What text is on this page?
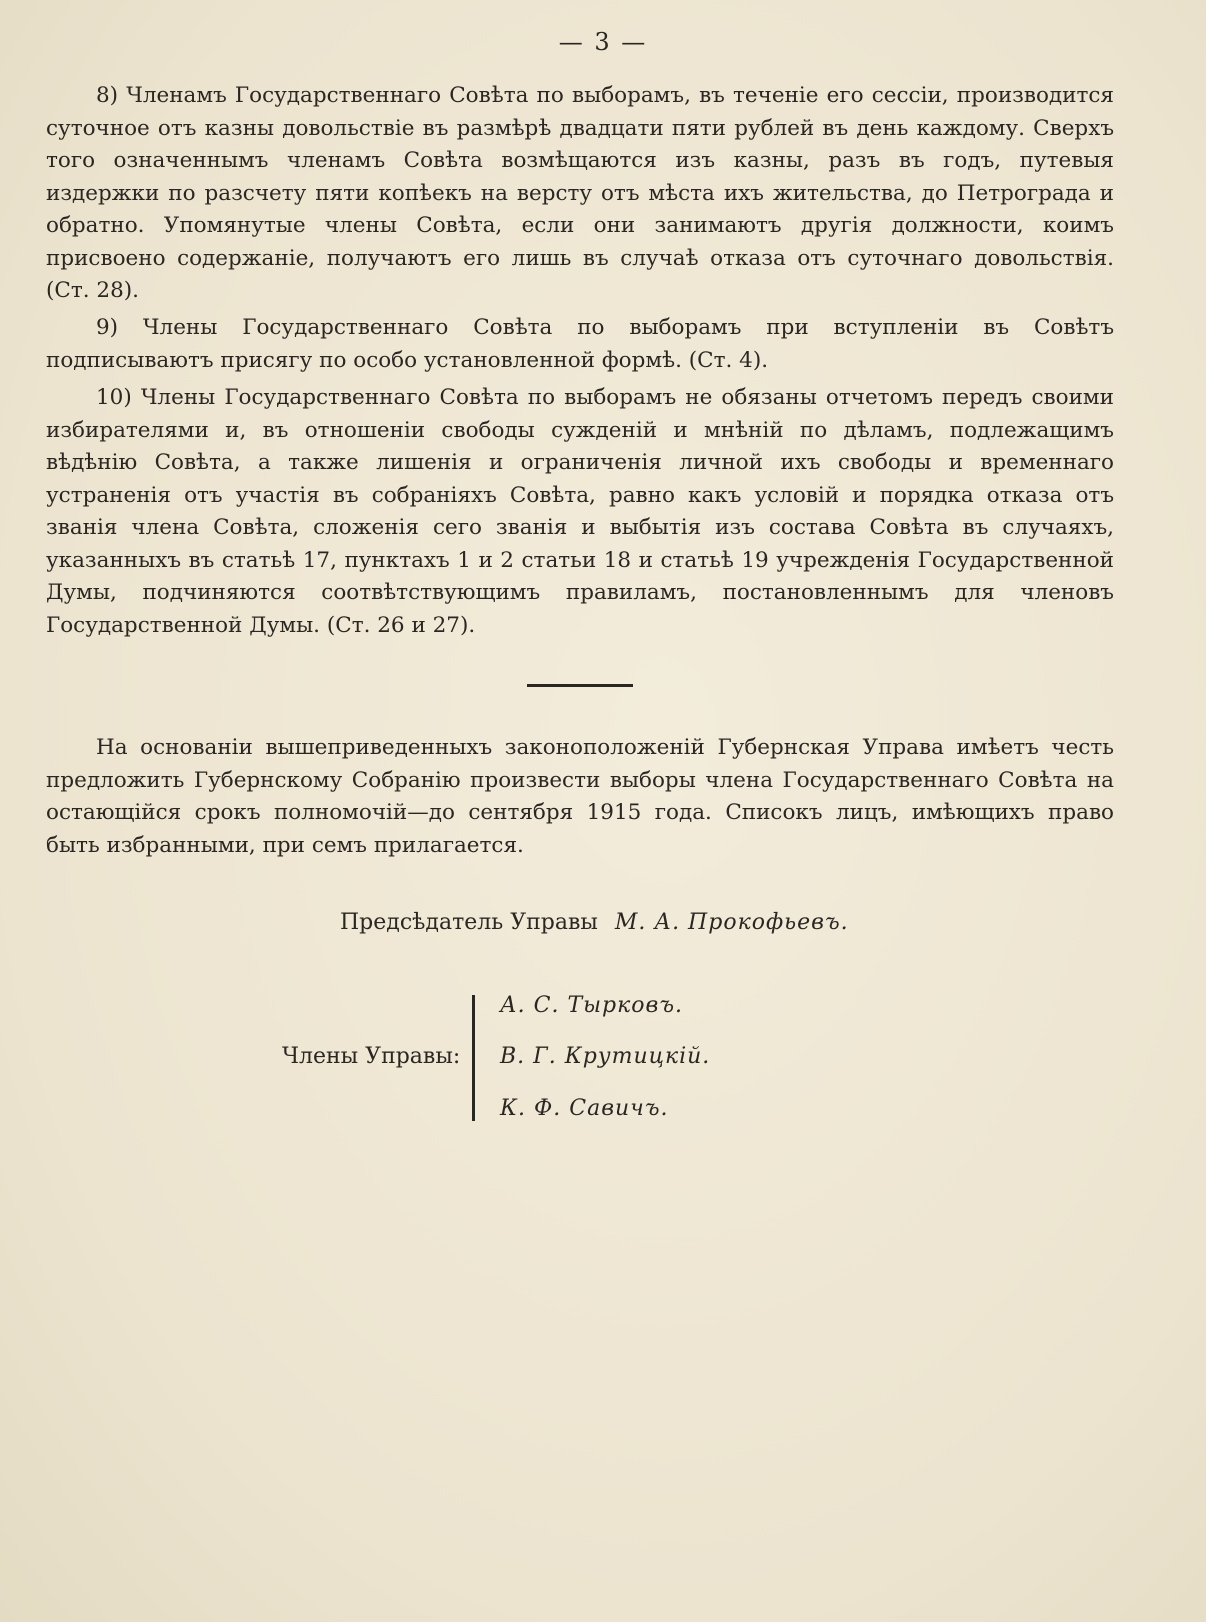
— 3 —

8) Членамъ Государственнаго Совѣта по выборамъ, въ теченіе его сессіи, производится суточное отъ казны довольствіе въ размѣрѣ двадцати пяти рублей въ день каждому. Сверхъ того означеннымъ членамъ Совѣта возмѣщаются изъ казны, разъ въ годъ, путевыя издержки по разсчету пяти копѣекъ на версту отъ мѣста ихъ жительства, до Петрограда и обратно. Упомянутые члены Совѣта, если они занимаютъ другія должности, коимъ присвоено содержаніе, получаютъ его лишь въ случаѣ отказа отъ суточнаго довольствія. (Ст. 28).

9) Члены Государственнаго Совѣта по выборамъ при вступленіи въ Совѣтъ подписываютъ присягу по особо установленной формѣ. (Ст. 4).

10) Члены Государственнаго Совѣта по выборамъ не обязаны отчетомъ передъ своими избирателями и, въ отношеніи свободы сужденій и мнѣній по дѣламъ, подлежащимъ вѣдѣнію Совѣта, а также лишенія и ограниченія личной ихъ свободы и временнаго устраненія отъ участія въ собраніяхъ Совѣта, равно какъ условій и порядка отказа отъ званія члена Совѣта, сложенія сего званія и выбытія изъ состава Совѣта въ случаяхъ, указанныхъ въ статьѣ 17, пунктахъ 1 и 2 статьи 18 и статьѣ 19 учрежденія Государственной Думы, подчиняются соотвѣтствующимъ правиламъ, постановленнымъ для членовъ Государственной Думы. (Ст. 26 и 27).

На основаніи вышеприведенныхъ законоположеній Губернская Управа имѣетъ честь предложить Губернскому Собранію произвести выборы члена Государственнаго Совѣта на остающійся срокъ полномочій—до сентября 1915 года. Списокъ лицъ, имѣющихъ право быть избранными, при семъ прилагается.

Предсѣдатель Управы М. А. Прокофьевъ.
Члены Управы:
А. С. Тырковъ.
В. Г. Крутицкій.
К. Ф. Савичъ.
